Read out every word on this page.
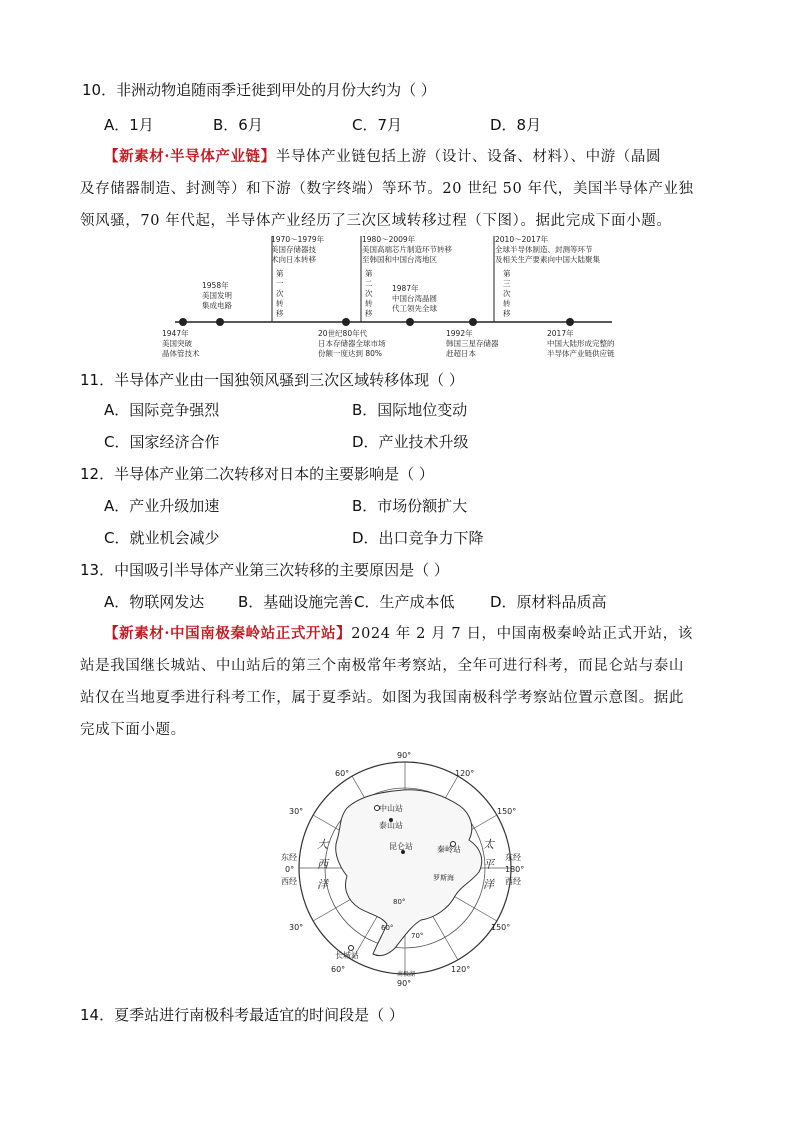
10．非洲动物追随雨季迁徙到甲处的月份大约为（ ）
A．1月	B．6月	C．7月	D．8月
【新素材·半导体产业链】半导体产业链包括上游（设计、设备、材料）、中游（晶圆
及存储器制造、封测等）和下游（数字终端）等环节。20 世纪 50 年代，美国半导体产业独
领风骚，70 年代起，半导体产业经历了三次区域转移过程（下图）。据此完成下面小题。
1958年
美国发明
集成电路
1970～1979年
美国存储器技
术向日本转移
1980～2009年
美国高端芯片制造环节转移
至韩国和中国台湾地区
1987年
中国台湾晶圆
代工领先全球
2010～2017年
全球半导体制造、封测等环节
及相关生产要素向中国大陆聚集
1947年
美国突破
晶体管技术
20世纪80年代
日本存储器全球市场
份额一度达到 80%
1992年
韩国三星存储器
赶超日本
2017年
中国大陆形成完整的
半导体产业链供应链
第
一
次
转
移
第
二
次
转
移
第
三
次
转
移
11．半导体产业由一国独领风骚到三次区域转移体现（ ）
A．国际竞争强烈	B．国际地位变动
C．国家经济合作	D．产业技术升级
12．半导体产业第二次转移对日本的主要影响是（ ）
A．产业升级加速	B．市场份额扩大
C．就业机会减少	D．出口竞争力下降
13．中国吸引半导体产业第三次转移的主要原因是（ ）
A．物联网发达 B．基础设施完善 C．生产成本低 D．原材料品质高
【新素材·中国南极秦岭站正式开站】2024 年 2 月 7 日，中国南极秦岭站正式开站，该
站是我国继长城站、中山站后的第三个南极常年考察站，全年可进行科考，而昆仑站与泰山
站仅在当地夏季进行科考工作，属于夏季站。如图为我国南极科学考察站位置示意图。据此
完成下面小题。
中山站
泰山站
昆仑站	秦岭站
长城站
罗斯海
南极湖
80°
70°
60°
90°
60°	120°
30°	150°
东经
0°
西经
东经
180°
西经
30°	150°
60°	120°
90°
大
西
洋
太
平
洋
14．夏季站进行南极科考最适宜的时间段是（ ）
